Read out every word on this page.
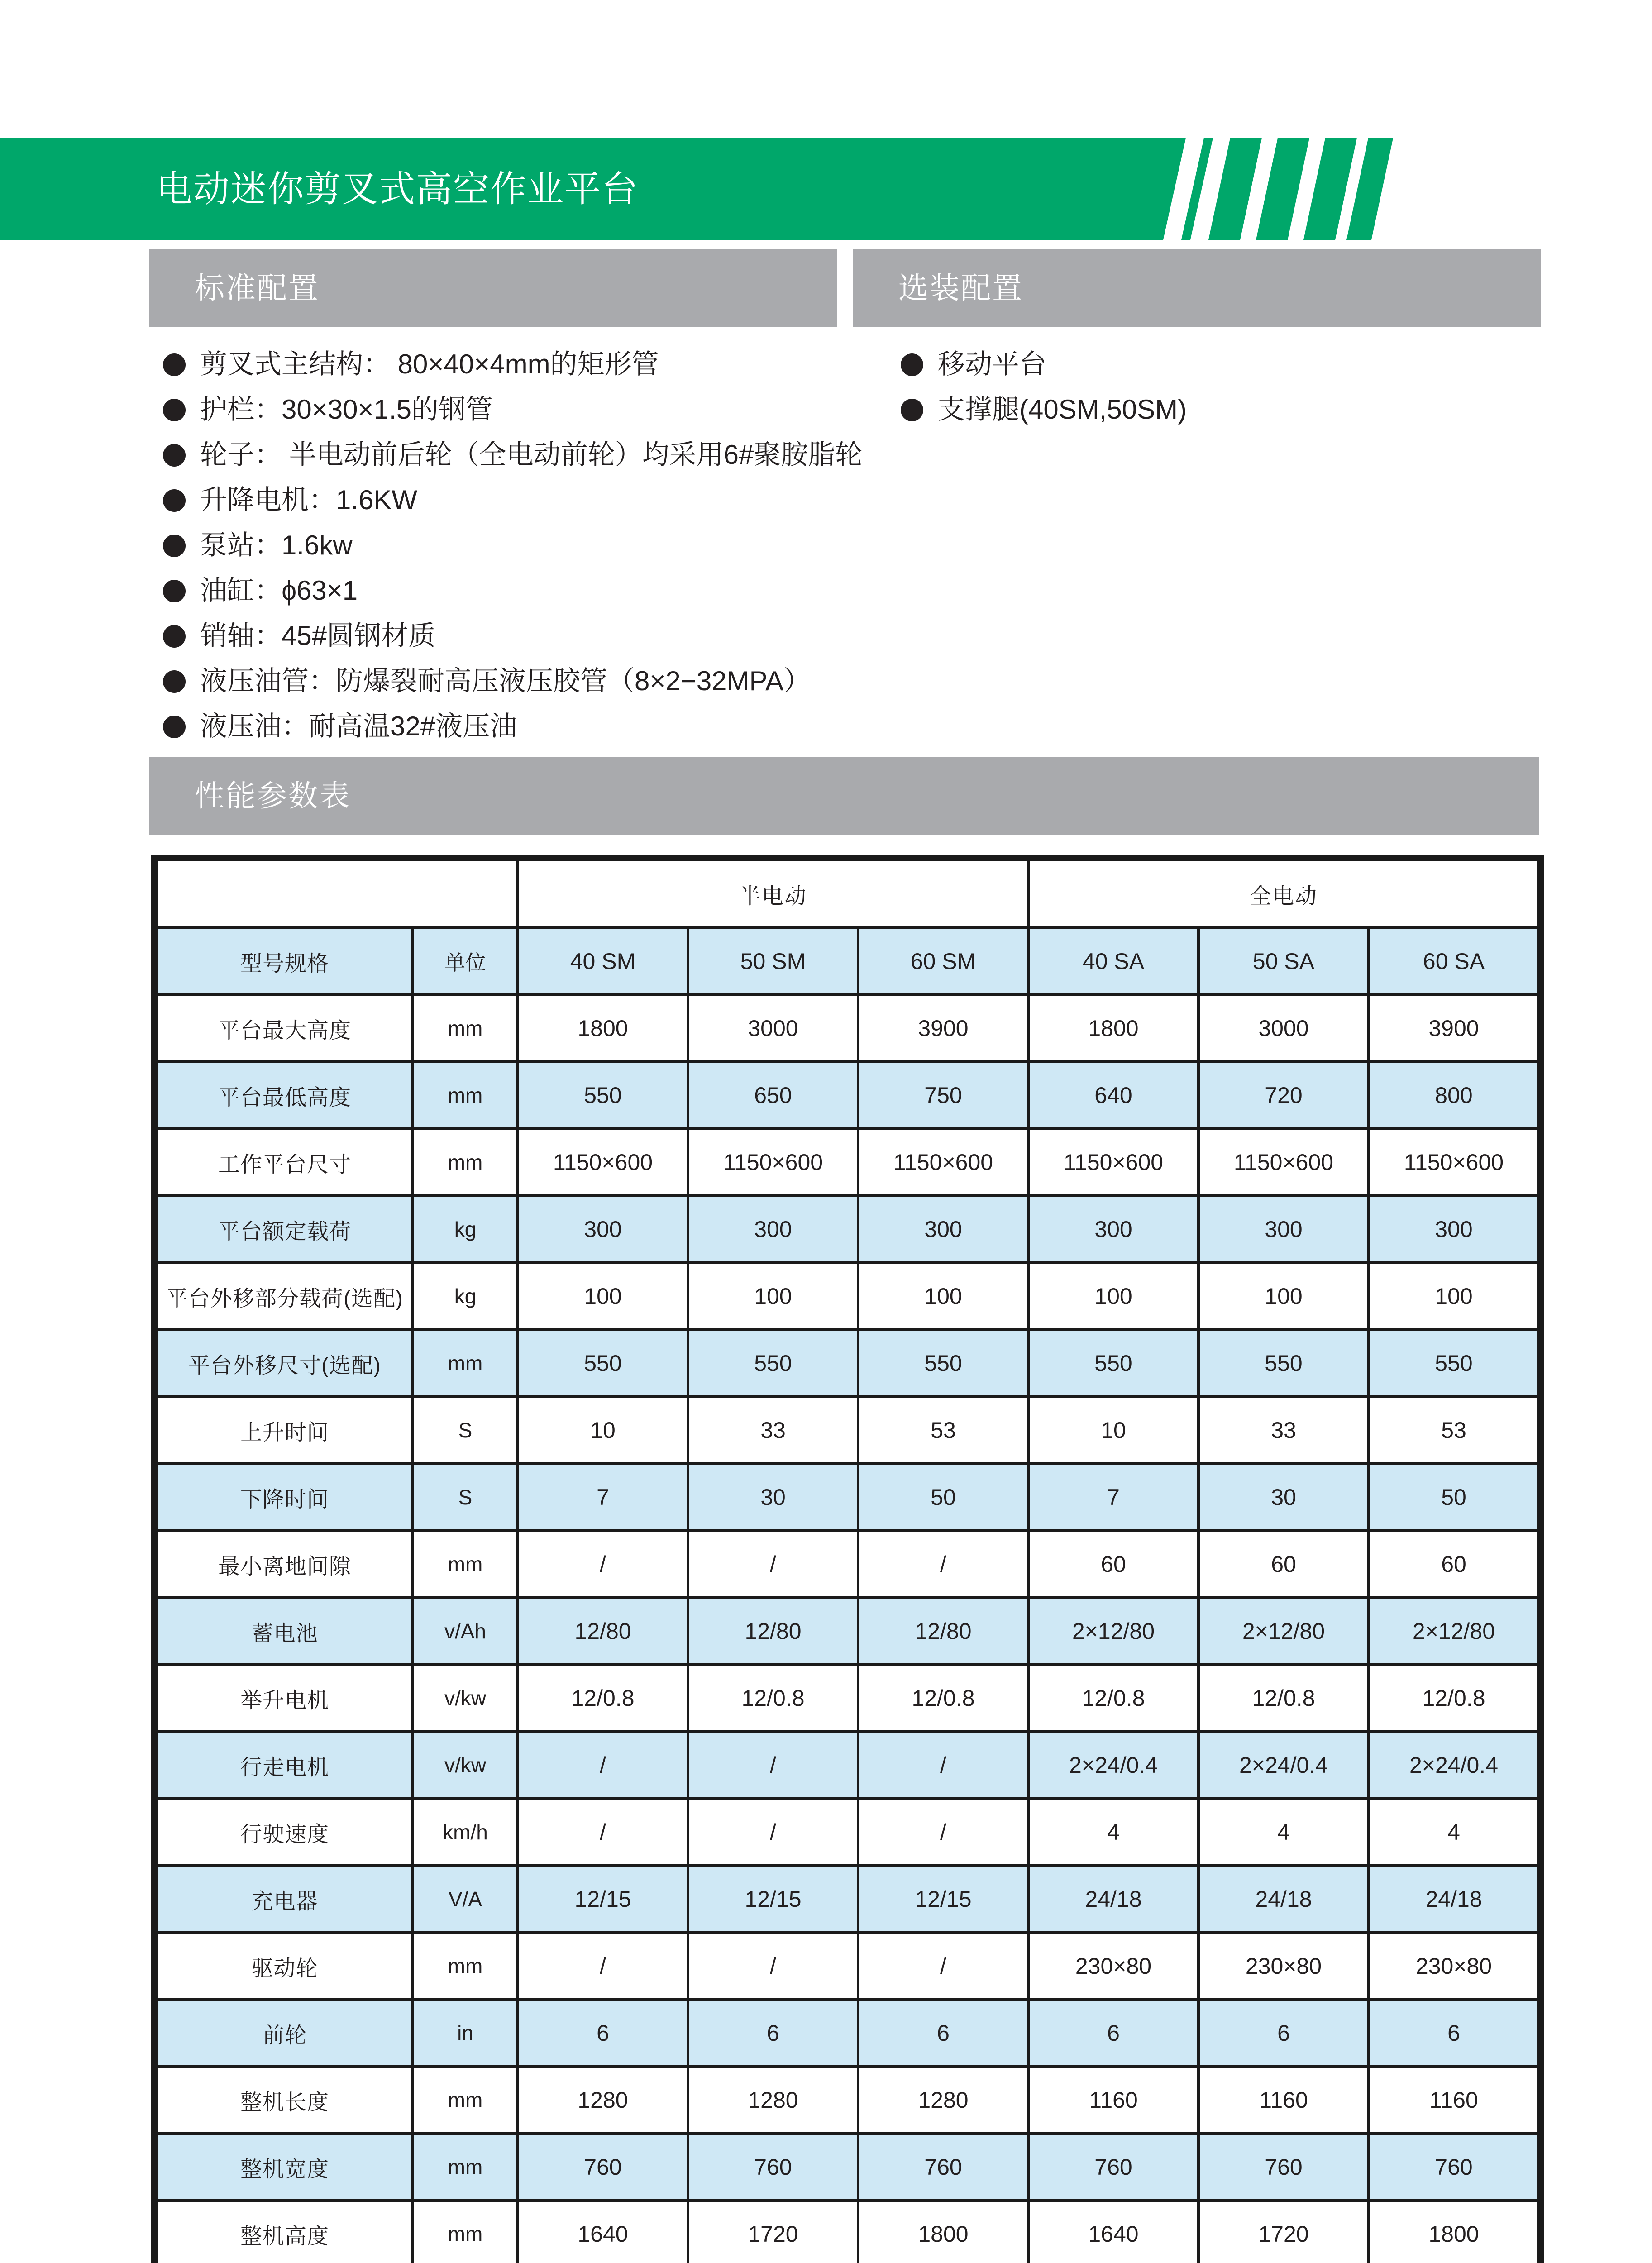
电动迷你剪叉式高空作业平台
标准配置
剪叉式主结构： 80×40×4mm的矩形管
护栏：30×30×1.5的钢管
轮子： 半电动前后轮（全电动前轮）均采用6#聚胺脂轮
升降电机：1.6KW
泵站：1.6kw
油缸：ɸ63×1
销轴：45#圆钢材质
液压油管：防爆裂耐高压液压胶管（8×2−32MPA）
液压油：耐高温32#液压油
选装配置
移动平台
支撑腿(40SM,50SM)
性能参数表
		半电动			全电动		
型号规格	单位	40 SM	50 SM	60 SM	40 SA	50 SA	60 SA
平台最大高度	mm	1800	3000	3900	1800	3000	3900
平台最低高度	mm	550	650	750	640	720	800
工作平台尺寸	mm	1150×600	1150×600	1150×600	1150×600	1150×600	1150×600
平台额定载荷	kg	300	300	300	300	300	300
平台外移部分载荷(选配)	kg	100	100	100	100	100	100
平台外移尺寸(选配)	mm	550	550	550	550	550	550
上升时间	S	10	33	53	10	33	53
下降时间	S	7	30	50	7	30	50
最小离地间隙	mm	/	/	/	60	60	60
蓄电池	v/Ah	12/80	12/80	12/80	2×12/80	2×12/80	2×12/80
举升电机	v/kw	12/0.8	12/0.8	12/0.8	12/0.8	12/0.8	12/0.8
行走电机	v/kw	/	/	/	2×24/0.4	2×24/0.4	2×24/0.4
行驶速度	km/h	/	/	/	4	4	4
充电器	V/A	12/15	12/15	12/15	24/18	24/18	24/18
驱动轮	mm	/	/	/	230×80	230×80	230×80
前轮	in	6	6	6	6	6	6
整机长度	mm	1280	1280	1280	1160	1160	1160
整机宽度	mm	760	760	760	760	760	760
整机高度	mm	1640	1720	1800	1640	1720	1800
